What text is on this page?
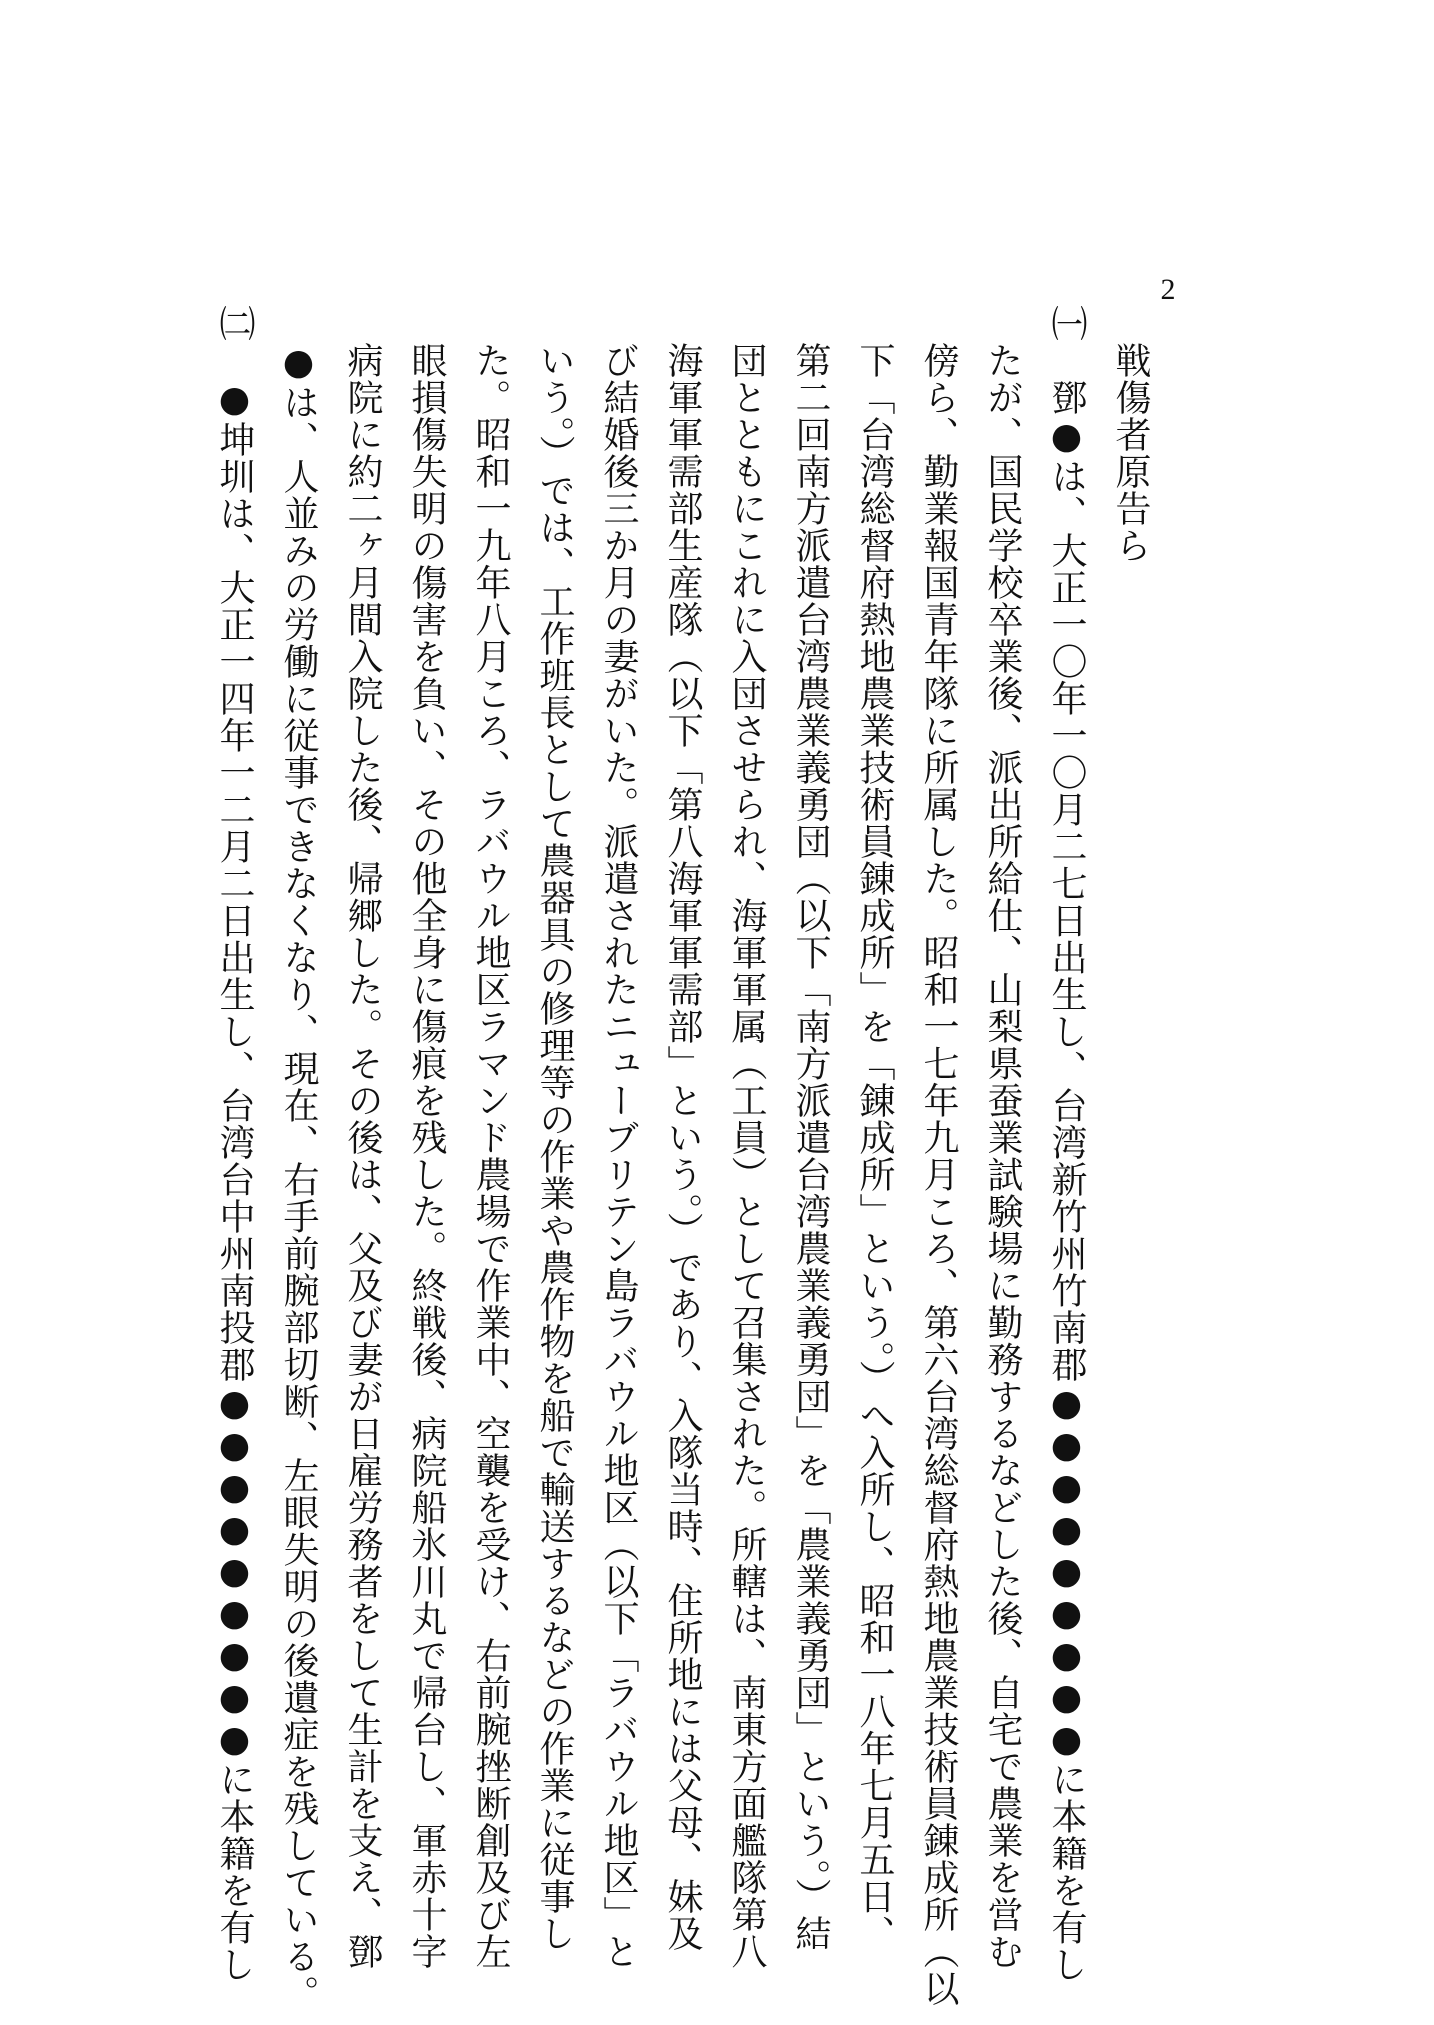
2
　戦傷者原告ら
㈠　鄧●は、大正一〇年一〇月二七日出生し、台湾新竹州竹南郡●●●●●●●●●に本籍を有し
　たが、国民学校卒業後、派出所給仕、山梨県蚕業試験場に勤務するなどした後、自宅で農業を営む
　傍ら、勤業報国青年隊に所属した。昭和一七年九月ころ、第六台湾総督府熱地農業技術員錬成所（以
　下「台湾総督府熱地農業技術員錬成所」を「錬成所」という。）へ入所し、昭和一八年七月五日、
　第二回南方派遣台湾農業義勇団（以下「南方派遣台湾農業義勇団」を「農業義勇団」という。）結
　団とともにこれに入団させられ、海軍軍属（工員）として召集された。所轄は、南東方面艦隊第八
　海軍軍需部生産隊（以下「第八海軍軍需部」という。）であり、入隊当時、住所地には父母、妹及
　び結婚後三か月の妻がいた。派遣されたニューブリテン島ラバウル地区（以下「ラバウル地区」と
　いう。）では、工作班長として農器具の修理等の作業や農作物を船で輸送するなどの作業に従事し
　た。昭和一九年八月ころ、ラバウル地区ラマンド農場で作業中、空襲を受け、右前腕挫断創及び左
　眼損傷失明の傷害を負い、その他全身に傷痕を残した。終戦後、病院船氷川丸で帰台し、軍赤十字
　病院に約二ヶ月間入院した後、帰郷した。その後は、父及び妻が日雇労務者をして生計を支え、鄧
　●は、人並みの労働に従事できなくなり、現在、右手前腕部切断、左眼失明の後遺症を残している。
㈡　●坤圳は、大正一四年一二月二日出生し、台湾台中州南投郡●●●●●●●●●に本籍を有し
